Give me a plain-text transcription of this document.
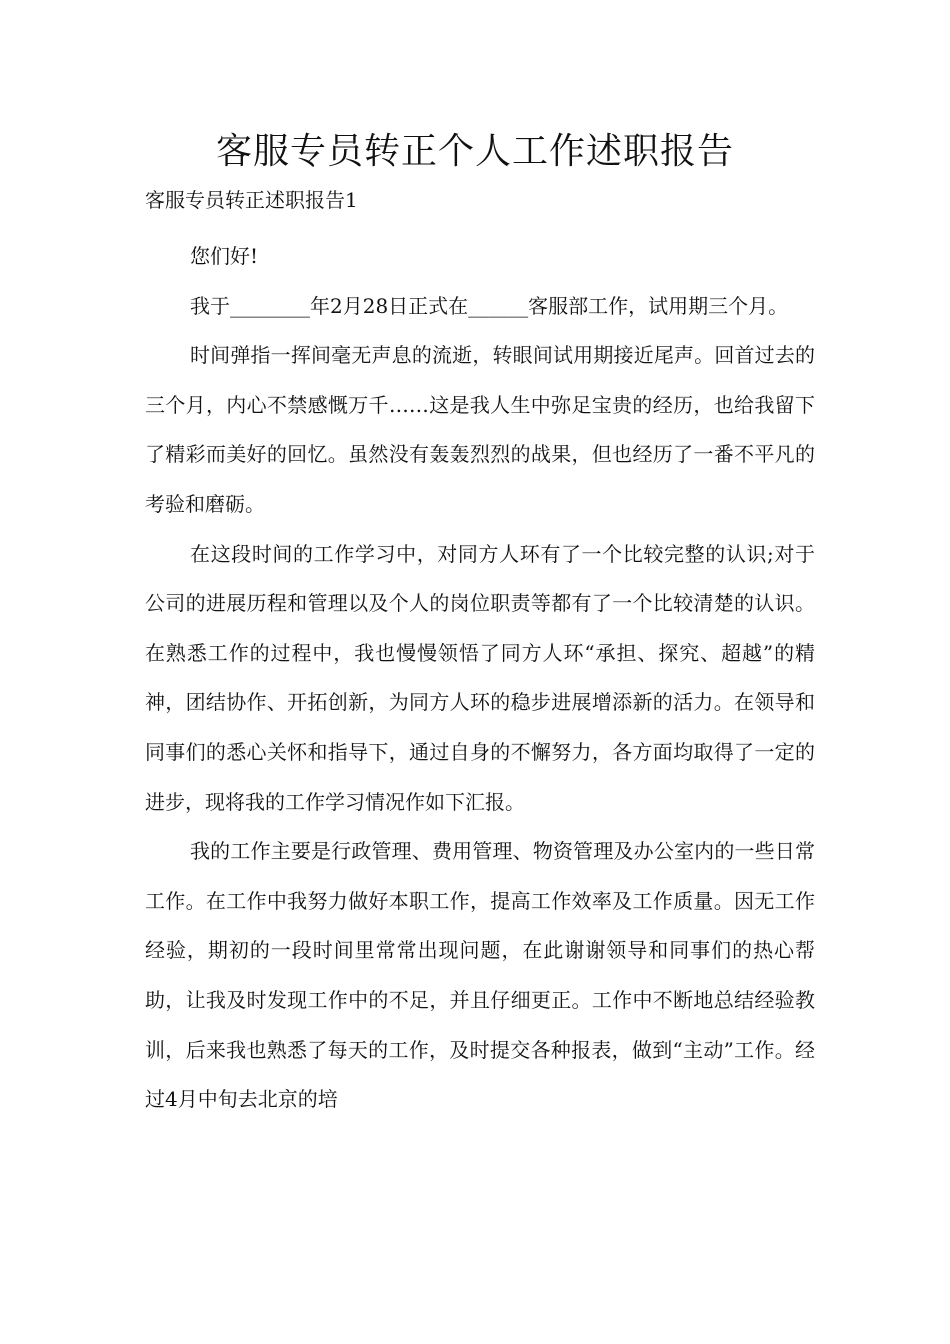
客服专员转正个人工作述职报告

客服专员转正述职报告1

您们好!

我于________年2月28日正式在______客服部工作，试用期三个月。

时间弹指一挥间毫无声息的流逝，转眼间试用期接近尾声。回首过去的三个月，内心不禁感慨万千……这是我人生中弥足宝贵的经历，也给我留下了精彩而美好的回忆。虽然没有轰轰烈烈的战果，但也经历了一番不平凡的考验和磨砺。

在这段时间的工作学习中，对同方人环有了一个比较完整的认识;对于公司的进展历程和管理以及个人的岗位职责等都有了一个比较清楚的认识。在熟悉工作的过程中，我也慢慢领悟了同方人环“承担、探究、超越”的精神，团结协作、开拓创新，为同方人环的稳步进展增添新的活力。在领导和同事们的悉心关怀和指导下，通过自身的不懈努力，各方面均取得了一定的进步，现将我的工作学习情况作如下汇报。

我的工作主要是行政管理、费用管理、物资管理及办公室内的一些日常工作。在工作中我努力做好本职工作，提高工作效率及工作质量。因无工作经验，期初的一段时间里常常出现问题，在此谢谢领导和同事们的热心帮助，让我及时发现工作中的不足，并且仔细更正。工作中不断地总结经验教训，后来我也熟悉了每天的工作，及时提交各种报表，做到“主动”工作。经过4月中旬去北京的培
